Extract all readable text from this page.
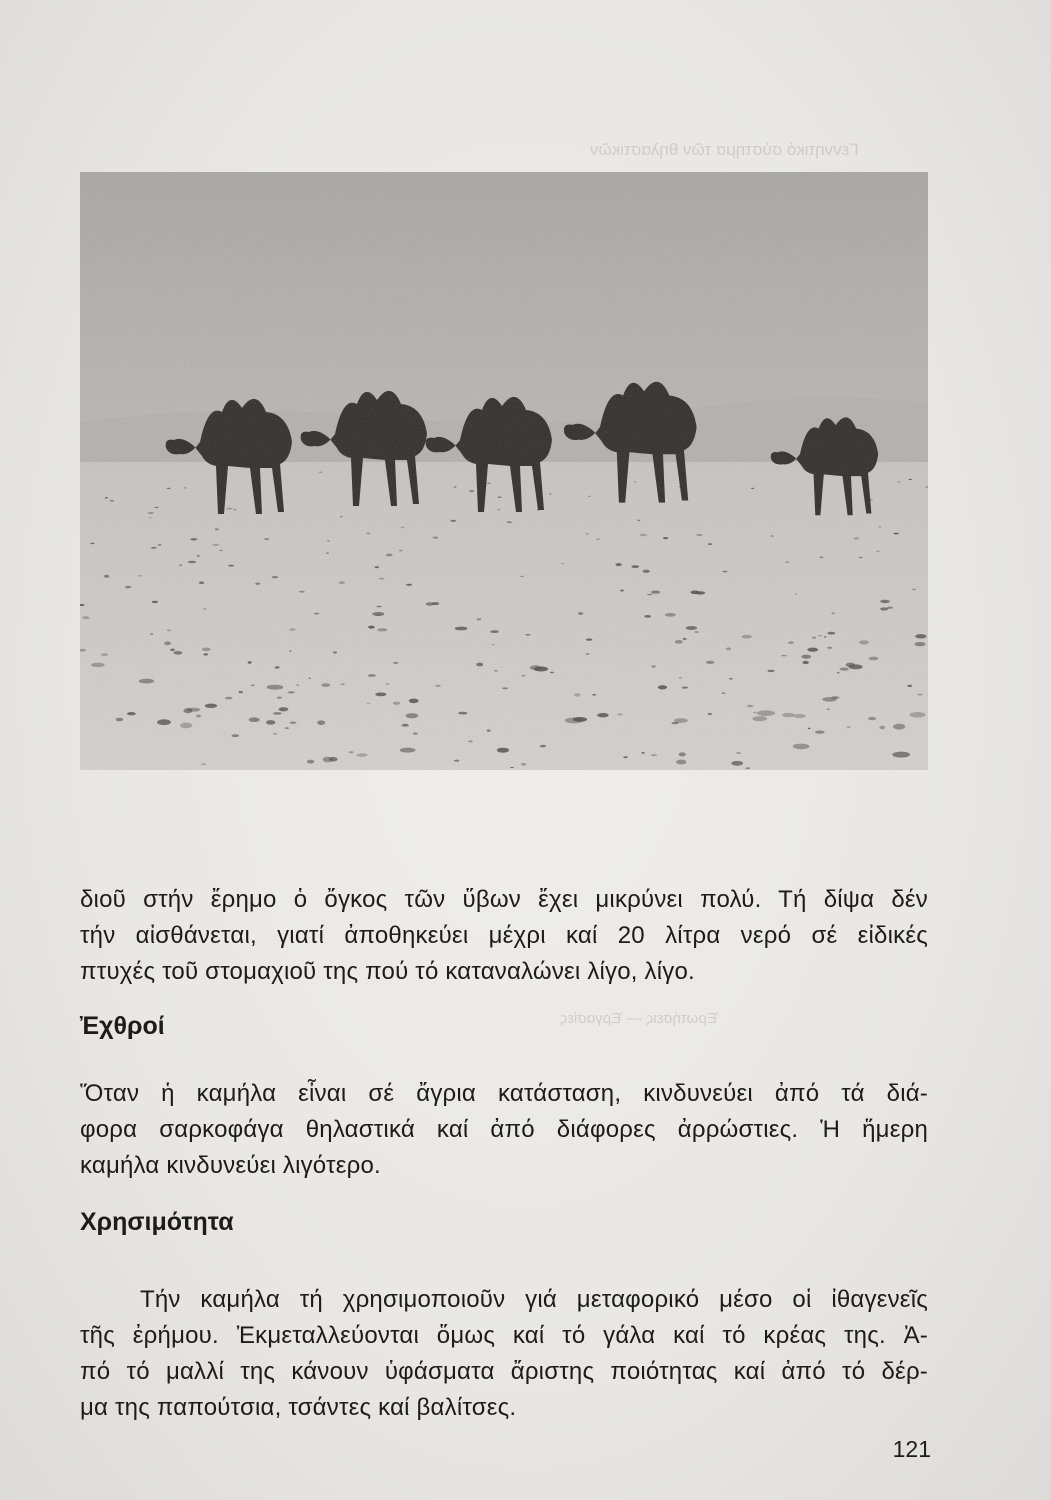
Γεννητικό σύστημα τῶν θηλαστικῶν
Ἐρωτήσεις — Ἐργασίες

διοῦ στήν ἔρημο ὁ ὄγκος τῶν ὕβων ἔχει μικρύνει πολύ. Τή δίψα δέν
τήν αἰσθάνεται, γιατί ἀποθηκεύει μέχρι καί 20 λίτρα νερό σέ εἰδικές
πτυχές τοῦ στομαχιοῦ της πού τό καταναλώνει λίγο, λίγο.

Ἐχθροί

Ὅταν ἡ καμήλα εἶναι σέ ἄγρια κατάσταση, κινδυνεύει ἀπό τά διά-
φορα σαρκοφάγα θηλαστικά καί ἀπό διάφορες ἀρρώστιες. Ἡ ἥμερη
καμήλα κινδυνεύει λιγότερο.

Χρησιμότητα

Τήν καμήλα τή χρησιμοποιοῦν γιά μεταφορικό μέσο οἱ ἰθαγενεῖς
τῆς ἐρήμου. Ἐκμεταλλεύονται ὅμως καί τό γάλα καί τό κρέας της. Ἀ-
πό τό μαλλί της κάνουν ὑφάσματα ἄριστης ποιότητας καί ἀπό τό δέρ-
μα της παπούτσια, τσάντες καί βαλίτσες.

121
